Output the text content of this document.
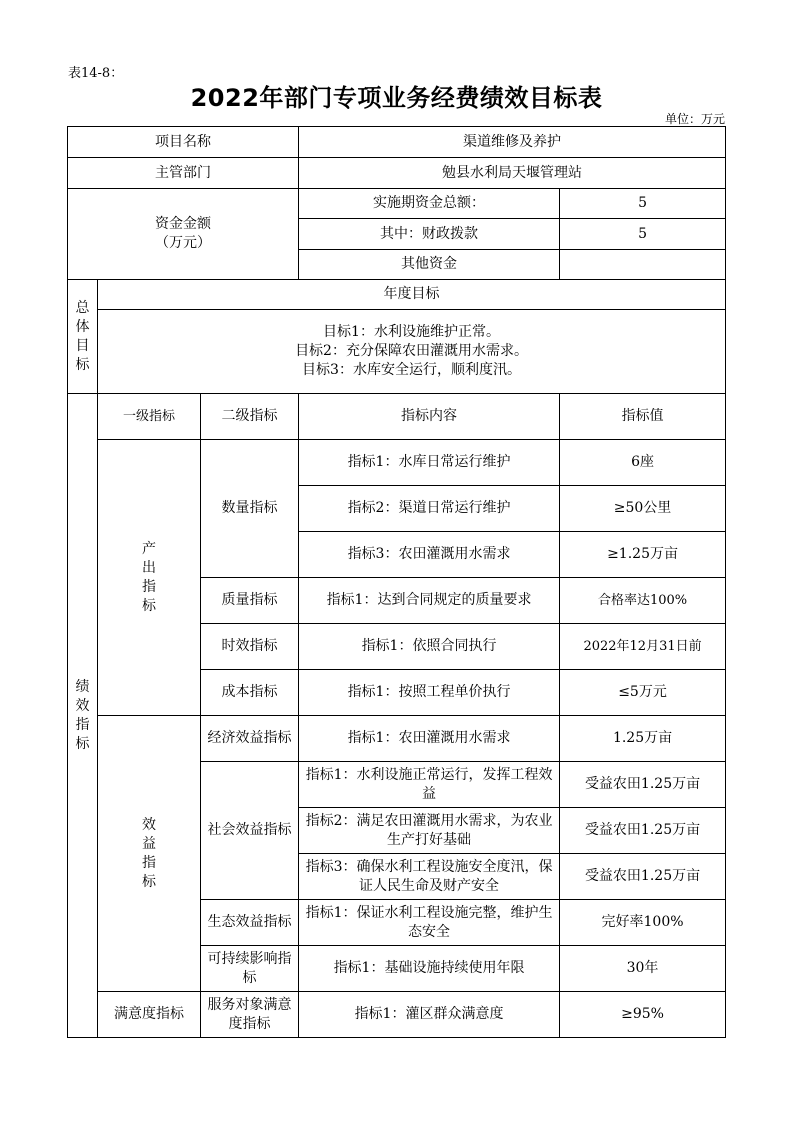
表14-8：
2022年部门专项业务经费绩效目标表
单位：万元
项目名称			渠道维修及养护	
主管部门			勉县水利局天堰管理站	

资金金额
（万元）			实施期资金总额：	5
			其中：财政拨款	5
			其他资金	
总体目标	年度目标			

	目标1：水利设施维护正常。
目标2：充分保障农田灌溉用水需求。
目标3：水库安全运行，顺利度汛。			

绩效指标	一级指标	二级指标	指标内容	指标值
	产出指标	数量指标	指标1：水库日常运行维护	6座
			指标2：渠道日常运行维护	≥50公里
			指标3：农田灌溉用水需求	≥1.25万亩
		质量指标	指标1：达到合同规定的质量要求	合格率达100%
		时效指标	指标1：依照合同执行	2022年12月31日前
		成本指标	指标1：按照工程单价执行	≤5万元
	效益指标	经济效益指标	指标1：农田灌溉用水需求	1.25万亩
		社会效益指标	指标1：水利设施正常运行，发挥工程效益	受益农田1.25万亩
			指标2：满足农田灌溉用水需求，为农业生产打好基础	受益农田1.25万亩
			指标3：确保水利工程设施安全度汛，保证人民生命及财产安全	受益农田1.25万亩
		生态效益指标	指标1：保证水利工程设施完整，维护生态安全	完好率100%
		可持续影响指标	指标1：基础设施持续使用年限	30年
	满意度指标	服务对象满意度指标	指标1：灌区群众满意度	≥95%
